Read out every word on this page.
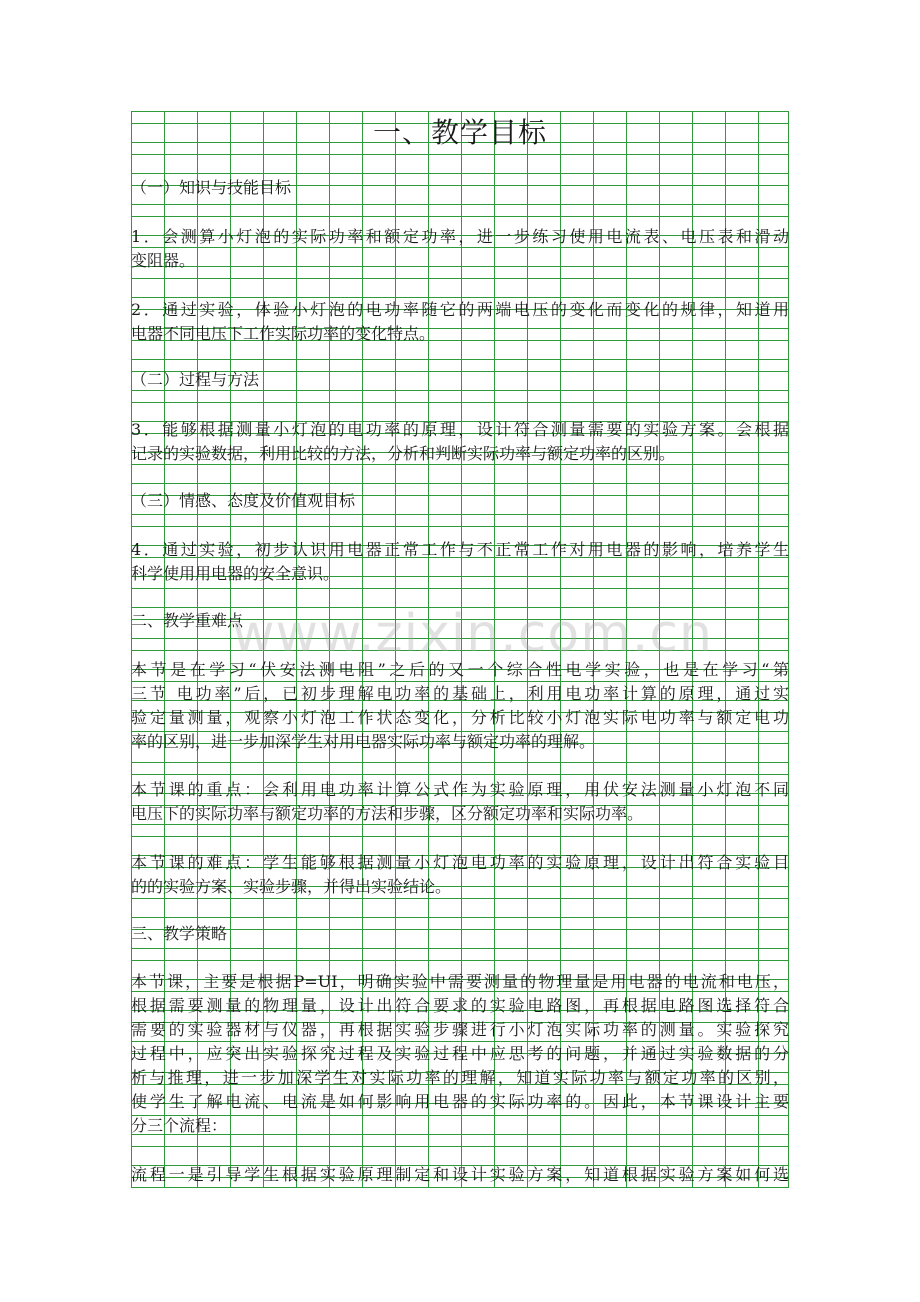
一、教学目标
（一）知识与技能目标
1．会测算小灯泡的实际功率和额定功率，进一步练习使用电流表、电压表和滑动
变阻器。
2．通过实验，体验小灯泡的电功率随它的两端电压的变化而变化的规律，知道用
电器不同电压下工作实际功率的变化特点。
（二）过程与方法
3．能够根据测量小灯泡的电功率的原理，设计符合测量需要的实验方案。会根据
记录的实验数据，利用比较的方法，分析和判断实际功率与额定功率的区别。
（三）情感、态度及价值观目标
4．通过实验，初步认识用电器正常工作与不正常工作对用电器的影响，培养学生
科学使用用电器的安全意识。
二、教学重难点
本节是在学习“伏安法测电阻”之后的又一个综合性电学实验，也是在学习“第
三节 电功率”后，已初步理解电功率的基础上，利用电功率计算的原理，通过实
验定量测量，观察小灯泡工作状态变化，分析比较小灯泡实际电功率与额定电功
率的区别，进一步加深学生对用电器实际功率与额定功率的理解。
本节课的重点：会利用电功率计算公式作为实验原理，用伏安法测量小灯泡不同
电压下的实际功率与额定功率的方法和步骤，区分额定功率和实际功率。
本节课的难点：学生能够根据测量小灯泡电功率的实验原理，设计出符合实验目
的的实验方案、实验步骤，并得出实验结论。
三、教学策略
本节课，主要是根据P=UI，明确实验中需要测量的物理量是用电器的电流和电压，
根据需要测量的物理量，设计出符合要求的实验电路图，再根据电路图选择符合
需要的实验器材与仪器，再根据实验步骤进行小灯泡实际功率的测量。实验探究
过程中，应突出实验探究过程及实验过程中应思考的问题，并通过实验数据的分
析与推理，进一步加深学生对实际功率的理解，知道实际功率与额定功率的区别，
使学生了解电流、电流是如何影响用电器的实际功率的。因此，本节课设计主要
分三个流程：
流程一是引导学生根据实验原理制定和设计实验方案，知道根据实验方案如何选
www.zixin.com.cn
